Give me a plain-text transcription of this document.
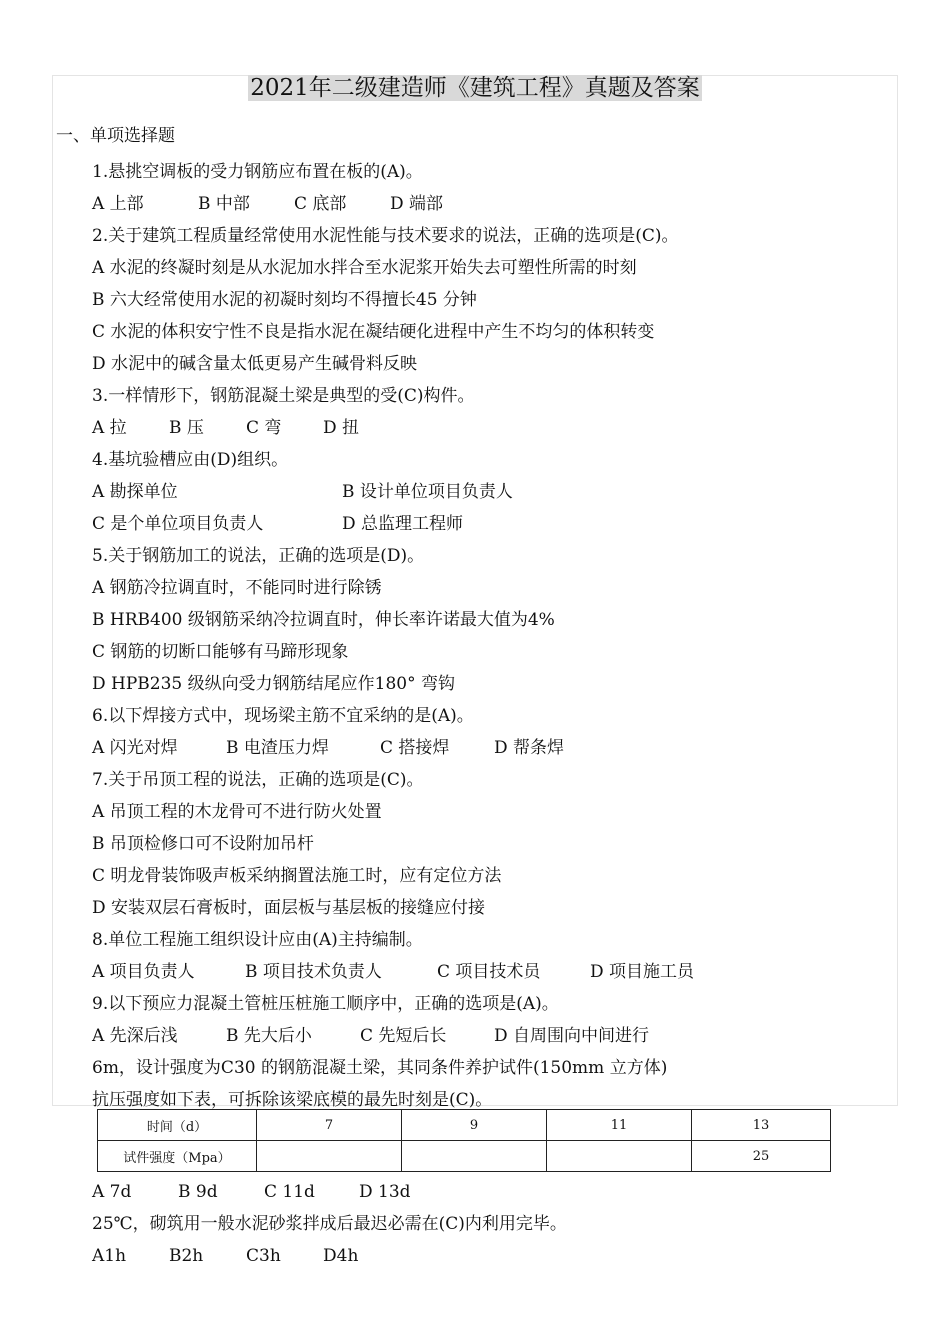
2021年二级建造师《建筑工程》真题及答案
一、单项选择题
1.悬挑空调板的受力钢筋应布置在板的(A)。
A 上部	B 中部	C 底部	D 端部
2.关于建筑工程质量经常使用水泥性能与技术要求的说法，正确的选项是(C)。
A 水泥的终凝时刻是从水泥加水拌合至水泥浆开始失去可塑性所需的时刻
B 六大经常使用水泥的初凝时刻均不得擅长45 分钟
C 水泥的体积安宁性不良是指水泥在凝结硬化进程中产生不均匀的体积转变
D 水泥中的碱含量太低更易产生碱骨料反映
3.一样情形下，钢筋混凝土梁是典型的受(C)构件。
A 拉 B 压 C 弯 D 扭
4.基坑验槽应由(D)组织。
A 勘探单位	B 设计单位项目负责人
C 是个单位项目负责人	D 总监理工程师
5.关于钢筋加工的说法，正确的选项是(D)。
A 钢筋冷拉调直时，不能同时进行除锈
B HRB400 级钢筋采纳冷拉调直时，伸长率许诺最大值为4%
C 钢筋的切断口能够有马蹄形现象
D HPB235 级纵向受力钢筋结尾应作180° 弯钩
6.以下焊接方式中，现场梁主筋不宜采纳的是(A)。
A 闪光对焊	B 电渣压力焊	C 搭接焊	D 帮条焊
7.关于吊顶工程的说法，正确的选项是(C)。
A 吊顶工程的木龙骨可不进行防火处置
B 吊顶检修口可不设附加吊杆
C 明龙骨装饰吸声板采纳搁置法施工时，应有定位方法
D 安装双层石膏板时，面层板与基层板的接缝应付接
8.单位工程施工组织设计应由(A)主持编制。
A 项目负责人	B 项目技术负责人	C 项目技术员	D 项目施工员
9.以下预应力混凝土管桩压桩施工顺序中，正确的选项是(A)。
A 先深后浅	B 先大后小	C 先短后长	D 自周围向中间进行
6m，设计强度为C30 的钢筋混凝土梁，其同条件养护试件(150mm 立方体)
抗压强度如下表，可拆除该梁底模的最先时刻是(C)。
时间（d）	7	9	11	13
试件强度（Mpa）				25
A 7d	B 9d	C 11d	D 13d
25℃，砌筑用一般水泥砂浆拌成后最迟必需在(C)内利用完毕。
A1h	B2h	C3h D4h
